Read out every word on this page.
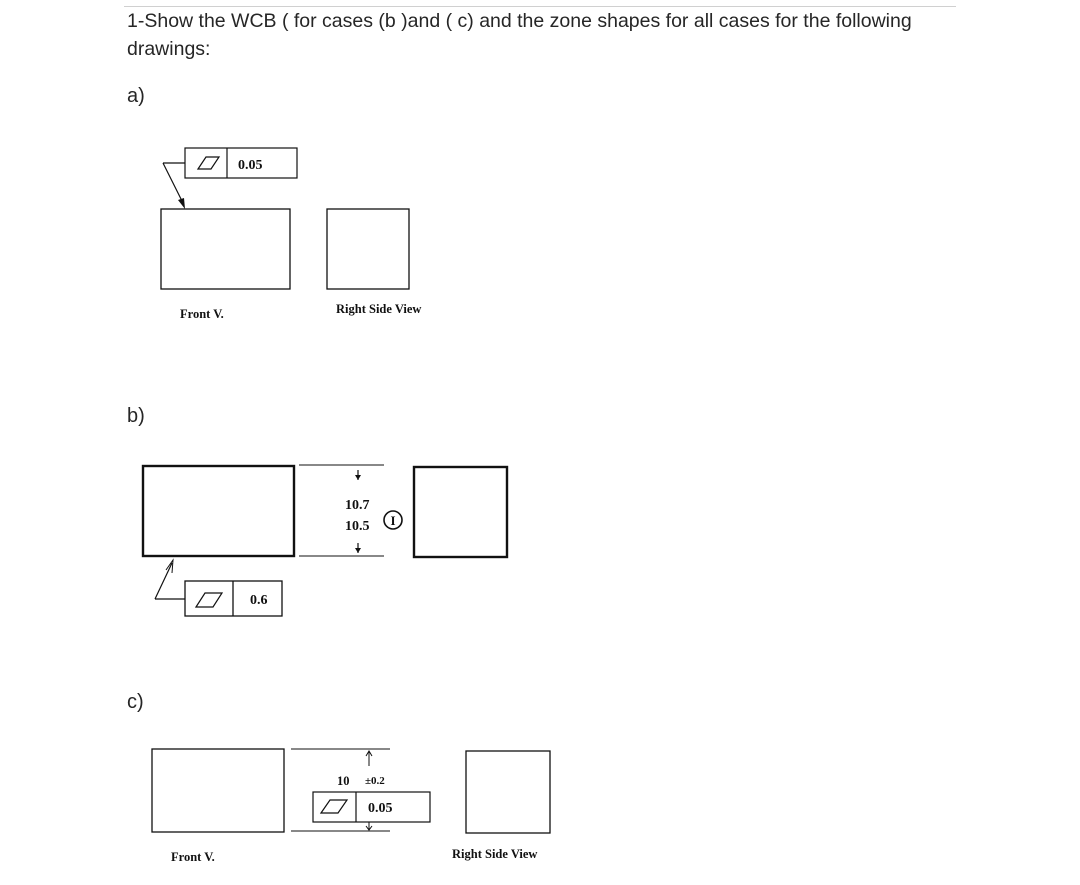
1-Show the WCB ( for cases (b )and ( c) and the zone shapes for all cases for the following drawings:
a)
b)
c)
0.05
Front V.	Right Side View
10.7
10.5 I
0.6
10 ±0.2
0.05
Front V.	Right Side View
